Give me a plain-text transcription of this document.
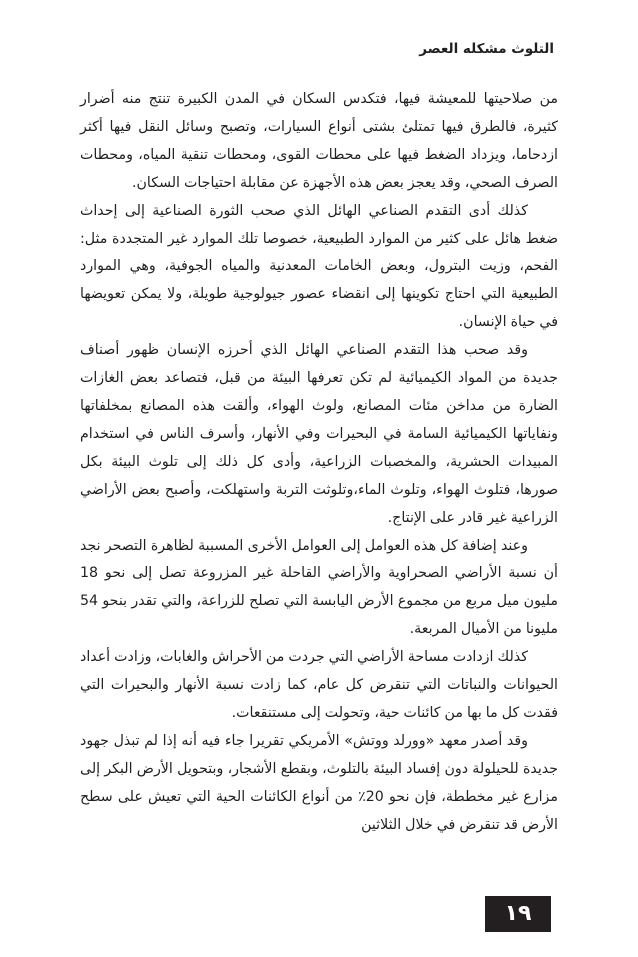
التلوث مشكله العصر

من صلاحيتها للمعيشة فيها، فتكدس السكان في المدن الكبيرة تنتج منه أضرار كثيرة، فالطرق فيها تمتلئ بشتى أنواع السيارات، وتصبح وسائل النقل فيها أكثر ازدحاما، ويزداد الضغط فيها على محطات القوى، ومحطات تنقية المياه، ومحطات الصرف الصحي، وقد يعجز بعض هذه الأجهزة عن مقابلة احتياجات السكان.

كذلك أدى التقدم الصناعي الهائل الذي صحب الثورة الصناعية إلى إحداث ضغط هائل على كثير من الموارد الطبيعية، خصوصا تلك الموارد غير المتجددة مثل: الفحم، وزيت البترول، وبعض الخامات المعدنية والمياه الجوفية، وهي الموارد الطبيعية التي احتاج تكوينها إلى انقضاء عصور جيولوجية طويلة، ولا يمكن تعويضها في حياة الإنسان.

وقد صحب هذا التقدم الصناعي الهائل الذي أحرزه الإنسان ظهور أصناف جديدة من المواد الكيميائية لم تكن تعرفها البيئة من قبل، فتصاعد بعض الغازات الضارة من مداخن مئات المصانع، ولوث الهواء، وألقت هذه المصانع بمخلفاتها ونفاياتها الكيميائية السامة في البحيرات وفي الأنهار، وأسرف الناس في استخدام المبيدات الحشرية، والمخصبات الزراعية، وأدى كل ذلك إلى تلوث البيئة بكل صورها، فتلوث الهواء، وتلوث الماء،وتلوثت التربة واستهلكت، وأصبح بعض الأراضي الزراعية غير قادر على الإنتاج.

وعند إضافة كل هذه العوامل إلى العوامل الأخرى المسببة لظاهرة التصحر نجد أن نسبة الأراضي الصحراوية والأراضي القاحلة غير المزروعة تصل إلى نحو 18 مليون ميل مربع من مجموع الأرض اليابسة التي تصلح للزراعة، والتي تقدر بنحو 54 مليونا من الأميال المربعة.

كذلك ازدادت مساحة الأراضي التي جردت من الأحراش والغابات، وزادت أعداد الحيوانات والنباتات التي تنقرض كل عام، كما زادت نسبة الأنهار والبحيرات التي فقدت كل ما بها من كائنات حية، وتحولت إلى مستنقعات.

وقد أصدر معهد «وورلد ووتش» الأمريكي تقريرا جاء فيه أنه إذا لم تبذل جهود جديدة للحيلولة دون إفساد البيئة بالتلوث، وبقطع الأشجار، وبتحويل الأرض البكر إلى مزارع غير مخططة، فإن نحو 20٪ من أنواع الكائنات الحية التي تعيش على سطح الأرض قد تنقرض في خلال الثلاثين

١٩
